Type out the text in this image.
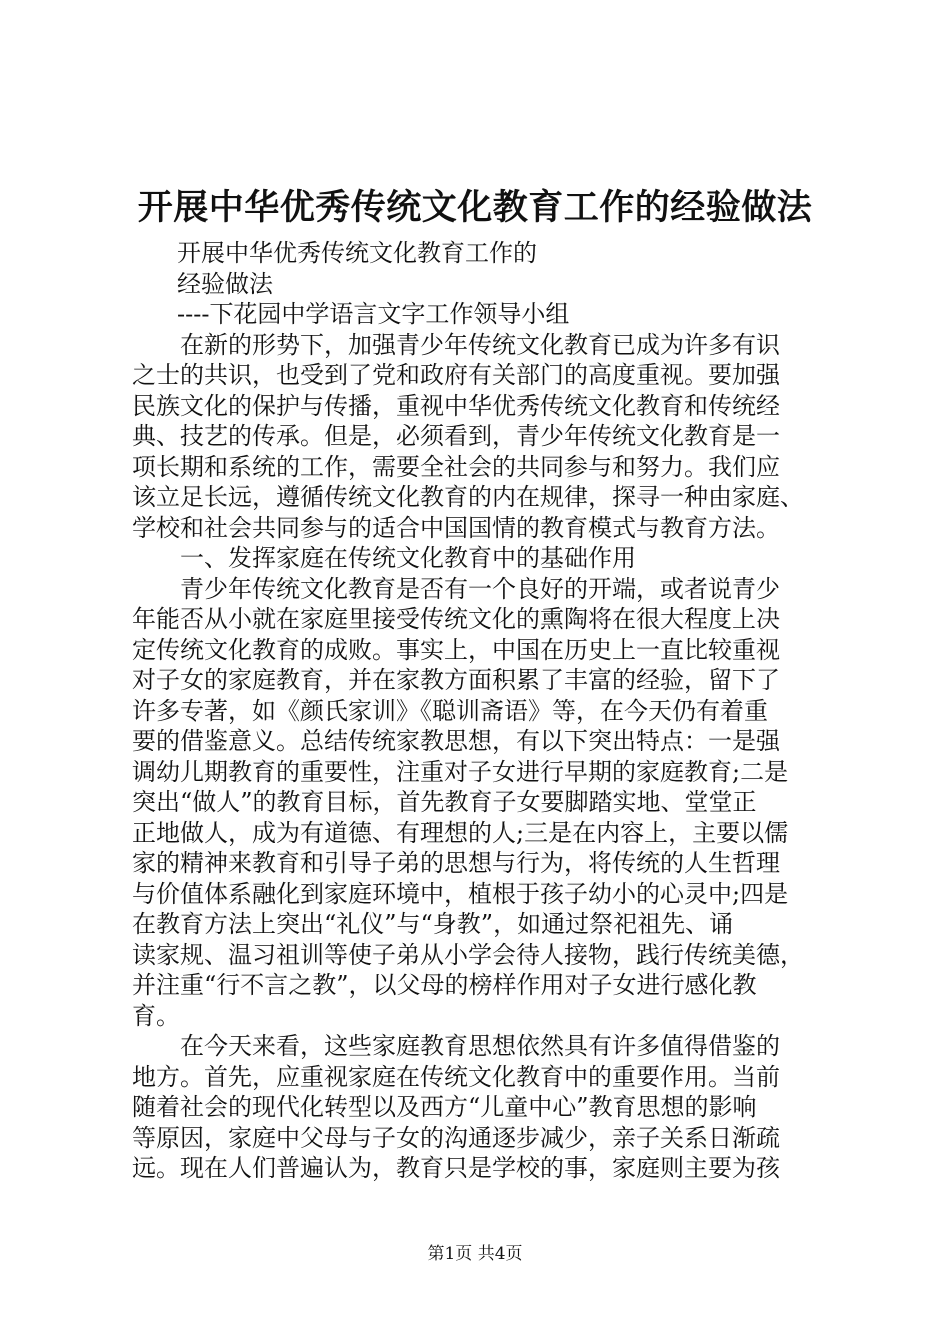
开展中华优秀传统文化教育工作的经验做法
开展中华优秀传统文化教育工作的
经验做法
----下花园中学语言文字工作领导小组
在新的形势下，加强青少年传统文化教育已成为许多有识
之士的共识，也受到了党和政府有关部门的高度重视。要加强
民族文化的保护与传播，重视中华优秀传统文化教育和传统经
典、技艺的传承。但是，必须看到，青少年传统文化教育是一
项长期和系统的工作，需要全社会的共同参与和努力。我们应
该立足长远，遵循传统文化教育的内在规律，探寻一种由家庭、
学校和社会共同参与的适合中国国情的教育模式与教育方法。
一、发挥家庭在传统文化教育中的基础作用
青少年传统文化教育是否有一个良好的开端，或者说青少
年能否从小就在家庭里接受传统文化的熏陶将在很大程度上决
定传统文化教育的成败。事实上，中国在历史上一直比较重视
对子女的家庭教育，并在家教方面积累了丰富的经验，留下了
许多专著，如《颜氏家训》《聪训斋语》等，在今天仍有着重
要的借鉴意义。总结传统家教思想，有以下突出特点：一是强
调幼儿期教育的重要性，注重对子女进行早期的家庭教育;二是
突出“做人”的教育目标，首先教育子女要脚踏实地、堂堂正
正地做人，成为有道德、有理想的人;三是在内容上，主要以儒
家的精神来教育和引导子弟的思想与行为，将传统的人生哲理
与价值体系融化到家庭环境中，植根于孩子幼小的心灵中;四是
在教育方法上突出“礼仪”与“身教”，如通过祭祀祖先、诵
读家规、温习祖训等使子弟从小学会待人接物，践行传统美德，
并注重“行不言之教”，以父母的榜样作用对子女进行感化教
育。
在今天来看，这些家庭教育思想依然具有许多值得借鉴的
地方。首先，应重视家庭在传统文化教育中的重要作用。当前
随着社会的现代化转型以及西方“儿童中心”教育思想的影响
等原因，家庭中父母与子女的沟通逐步减少，亲子关系日渐疏
远。现在人们普遍认为，教育只是学校的事，家庭则主要为孩
第1页 共4页
